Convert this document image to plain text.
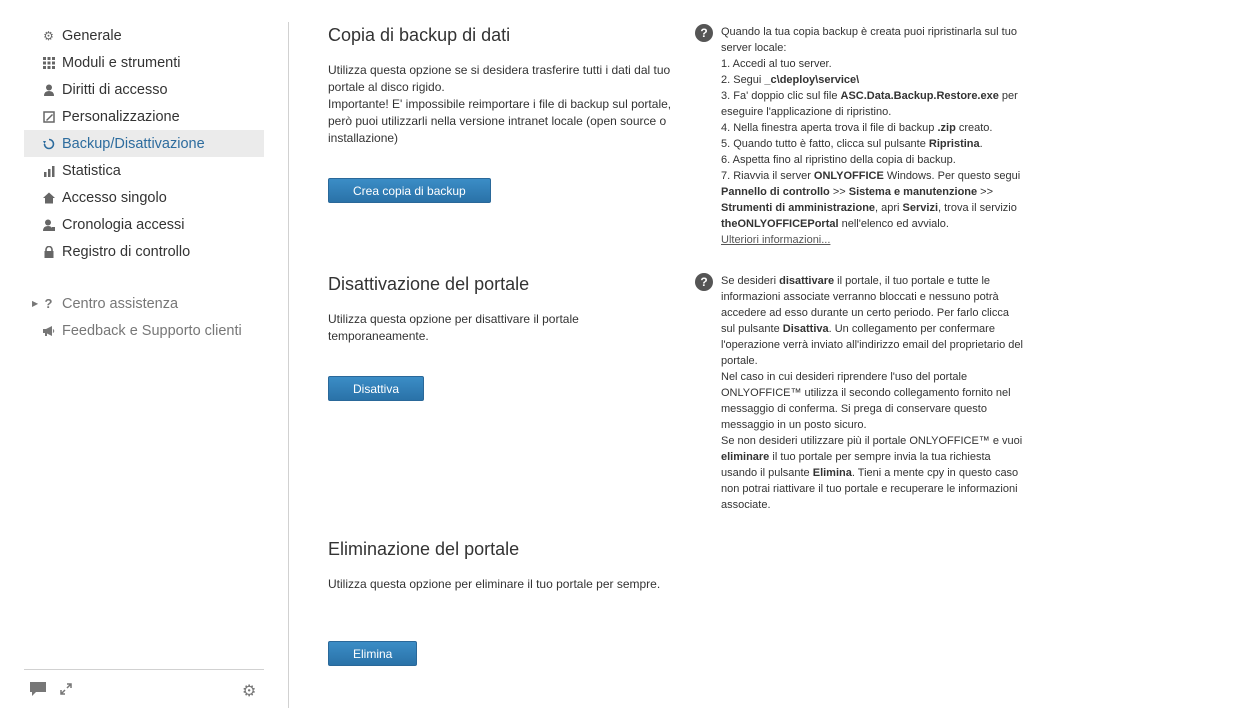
⚙ Generale
Moduli e strumenti
Diritti di accesso
Personalizzazione
Backup/Disattivazione
Statistica
Accesso singolo
Cronologia accessi
Registro di controllo
▶ ? Centro assistenza
Feedback e Supporto clienti
⚙
Copia di backup di dati

Utilizza questa opzione se si desidera trasferire tutti i dati dal tuo portale al disco rigido.

Importante! E' impossibile reimportare i file di backup sul portale, però puoi utilizzarli nella versione intranet locale (open source o installazione)

Crea copia di backup
Disattivazione del portale

Utilizza questa opzione per disattivare il portale temporaneamente.

Disattiva
Eliminazione del portale

Utilizza questa opzione per eliminare il tuo portale per sempre.

Elimina
?	Quando la tua copia backup è creata puoi ripristinarla sul tuo server locale:
1. Accedi al tuo server.
2. Segui _c\deploy\service\
3. Fa' doppio clic sul file ASC.Data.Backup.Restore.exe per eseguire l'applicazione di ripristino.
4. Nella finestra aperta trova il file di backup .zip creato.
5. Quando tutto è fatto, clicca sul pulsante Ripristina.
6. Aspetta fino al ripristino della copia di backup.
7. Riavvia il server ONLYOFFICE Windows. Per questo segui Pannello di controllo >> Sistema e manutenzione >> Strumenti di amministrazione, apri Servizi, trova il servizio theONLYOFFICEPortal nell'elenco ed avvialo.
Ulteriori informazioni...
?	Se desideri disattivare il portale, il tuo portale e tutte le informazioni associate verranno bloccati e nessuno potrà accedere ad esso durante un certo periodo. Per farlo clicca sul pulsante Disattiva. Un collegamento per confermare l'operazione verrà inviato all'indirizzo email del proprietario del portale.
Nel caso in cui desideri riprendere l'uso del portale ONLYOFFICE™ utilizza il secondo collegamento fornito nel messaggio di conferma. Si prega di conservare questo messaggio in un posto sicuro.
Se non desideri utilizzare più il portale ONLYOFFICE™ e vuoi eliminare il tuo portale per sempre invia la tua richiesta usando il pulsante Elimina. Tieni a mente cpy in questo caso non potrai riattivare il tuo portale e recuperare le informazioni associate.
